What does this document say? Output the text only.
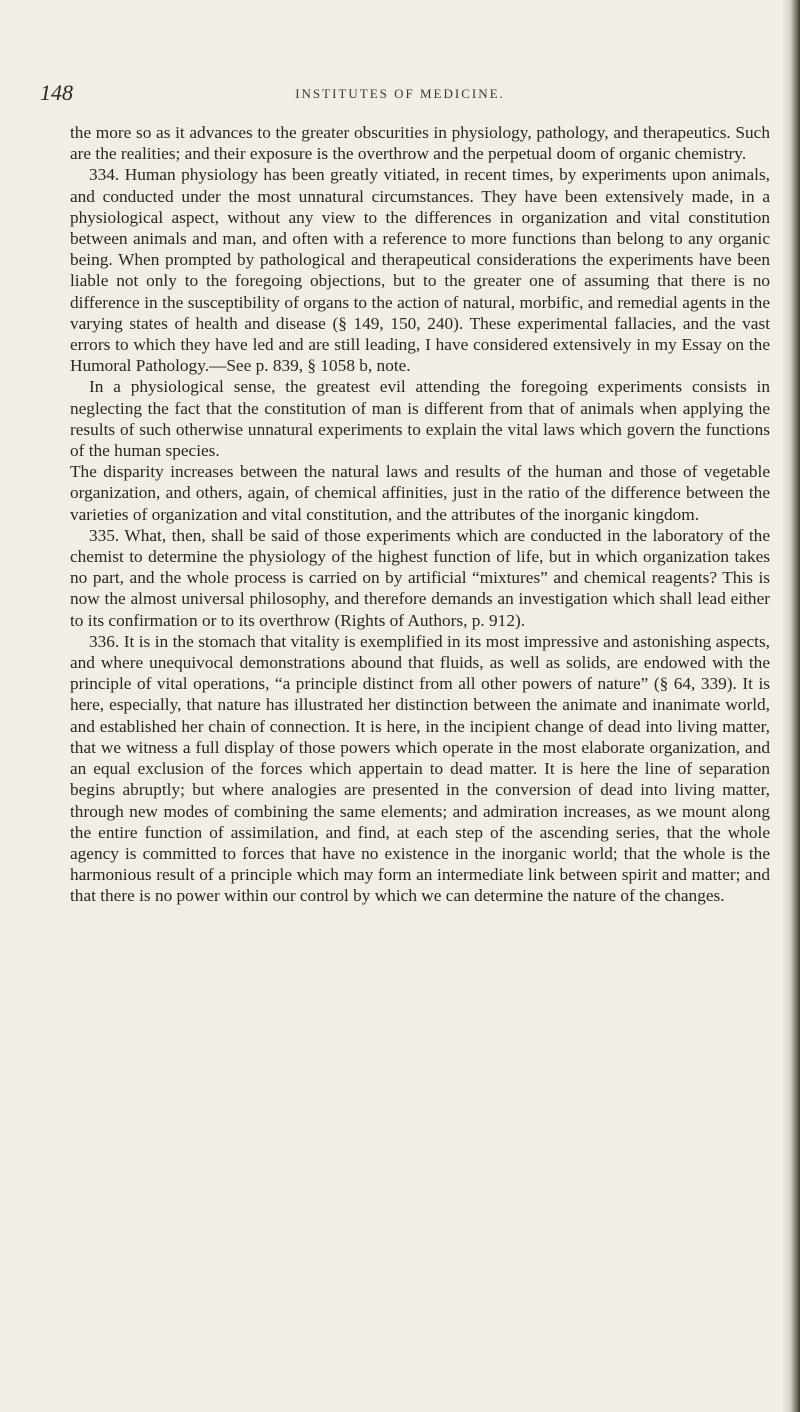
148	INSTITUTES OF MEDICINE.

the more so as it advances to the greater obscurities in physiology, pathology, and therapeutics. Such are the realities; and their exposure is the overthrow and the perpetual doom of organic chemistry.

334. Human physiology has been greatly vitiated, in recent times, by experiments upon animals, and conducted under the most unnatural circumstances. They have been extensively made, in a physiological aspect, without any view to the differences in organization and vital constitution between animals and man, and often with a reference to more functions than belong to any organic being. When prompted by pathological and therapeutical considerations the experiments have been liable not only to the foregoing objections, but to the greater one of assuming that there is no difference in the susceptibility of organs to the action of natural, morbific, and remedial agents in the varying states of health and disease (§ 149, 150, 240). These experimental fallacies, and the vast errors to which they have led and are still leading, I have considered extensively in my Essay on the Humoral Pathology.—See p. 839, § 1058 b, note.

In a physiological sense, the greatest evil attending the foregoing experiments consists in neglecting the fact that the constitution of man is different from that of animals when applying the results of such otherwise unnatural experiments to explain the vital laws which govern the functions of the human species.

The disparity increases between the natural laws and results of the human and those of vegetable organization, and others, again, of chemical affinities, just in the ratio of the difference between the varieties of organization and vital constitution, and the attributes of the inorganic kingdom.

335. What, then, shall be said of those experiments which are conducted in the laboratory of the chemist to determine the physiology of the highest function of life, but in which organization takes no part, and the whole process is carried on by artificial “mixtures” and chemical reagents? This is now the almost universal philosophy, and therefore demands an investigation which shall lead either to its confirmation or to its overthrow (Rights of Authors, p. 912).

336. It is in the stomach that vitality is exemplified in its most impressive and astonishing aspects, and where unequivocal demonstrations abound that fluids, as well as solids, are endowed with the principle of vital operations, “a principle distinct from all other powers of nature” (§ 64, 339). It is here, especially, that nature has illustrated her distinction between the animate and inanimate world, and established her chain of connection. It is here, in the incipient change of dead into living matter, that we witness a full display of those powers which operate in the most elaborate organization, and an equal exclusion of the forces which appertain to dead matter. It is here the line of separation begins abruptly; but where analogies are presented in the conversion of dead into living matter, through new modes of combining the same elements; and admiration increases, as we mount along the entire function of assimilation, and find, at each step of the ascending series, that the whole agency is committed to forces that have no existence in the inorganic world; that the whole is the harmonious result of a principle which may form an intermediate link between spirit and matter; and that there is no power within our control by which we can determine the nature of the changes.
